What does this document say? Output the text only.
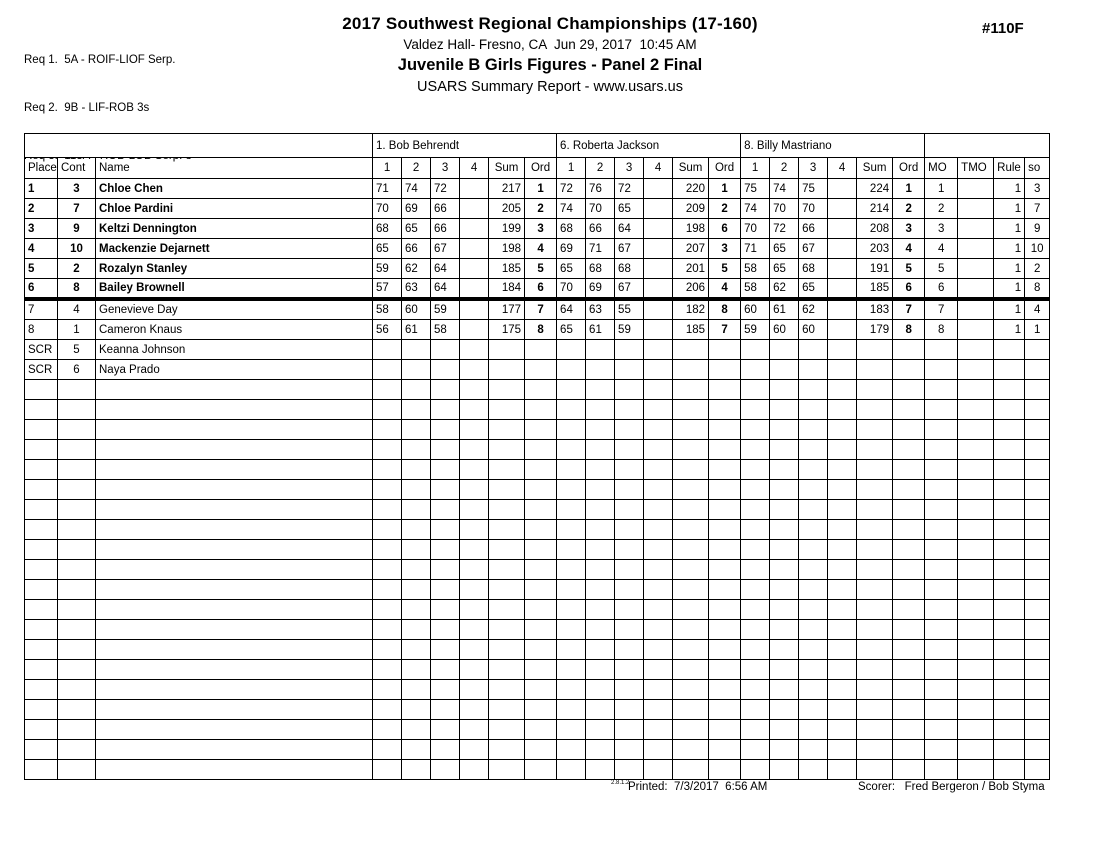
Req 1.  5A - ROIF-LIOF Serp.

Req 2.  9B - LIF-ROB 3s

2017 Southwest Regional Championships (17-160)
Valdez Hall- Fresno, CA  Jun 29, 2017  10:45 AM
Juvenile B Girls Figures - Panel 2 Final
USARS Summary Report - www.usars.us
#110F
			1. Bob Behrendt						6. Roberta Jackson						8. Billy Mastriano									
Place	Cont	Name	1	2	3	4	Sum	Ord	1	2	3	4	Sum	Ord	1	2	3	4	Sum	Ord	MO	TMO	Rule	so
1	3	Chloe Chen	71	74	72		217	1	72	76	72		220	1	75	74	75		224	1	1		1	3
2	7	Chloe Pardini	70	69	66		205	2	74	70	65		209	2	74	70	70		214	2	2		1	7
3	9	Keltzi Dennington	68	65	66		199	3	68	66	64		198	6	70	72	66		208	3	3		1	9
4	10	Mackenzie Dejarnett	65	66	67		198	4	69	71	67		207	3	71	65	67		203	4	4		1	10
5	2	Rozalyn Stanley	59	62	64		185	5	65	68	68		201	5	58	65	68		191	5	5		1	2
6	8	Bailey Brownell	57	63	64		184	6	70	69	67		206	4	58	62	65		185	6	6		1	8
7	4	Genevieve Day	58	60	59		177	7	64	63	55		182	8	60	61	62		183	7	7		1	4
8	1	Cameron Knaus	56	61	58		175	8	65	61	59		185	7	59	60	60		179	8	8		1	1
SCR	5	Keanna Johnson																						
SCR	6	Naya Prado																						

2.8.1.2
Printed:  7/3/2017  6:56 AM	Scorer:   Fred Bergeron / Bob Styma
